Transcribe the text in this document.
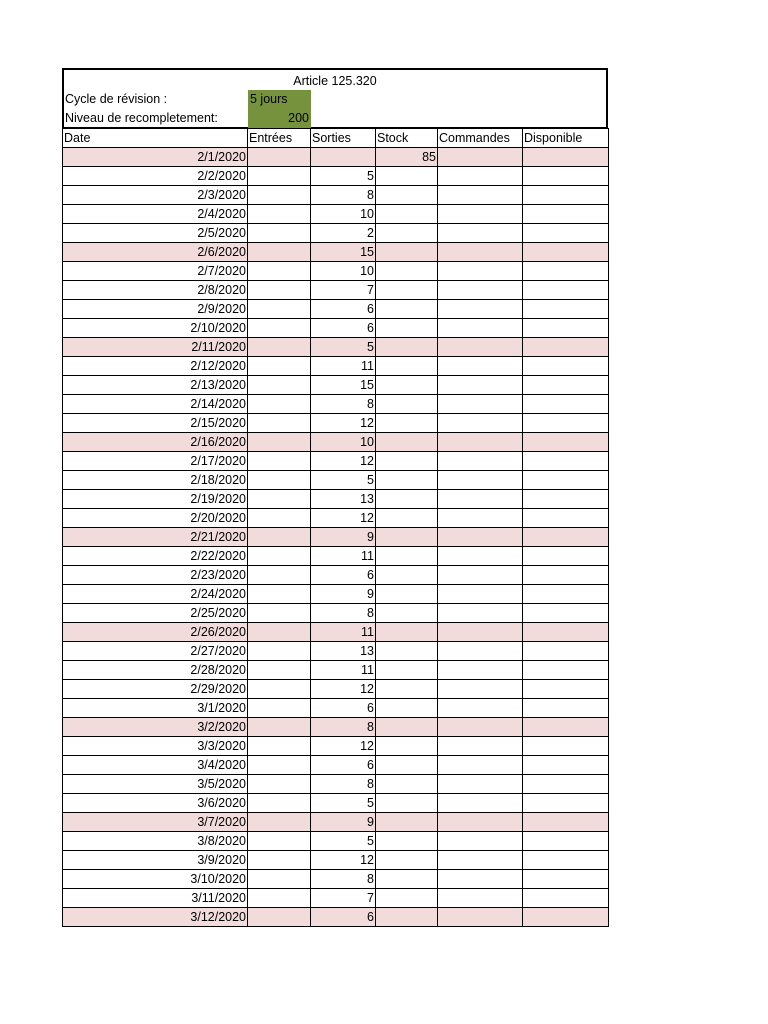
Article 125.320
Cycle de révision :	5 jours
Niveau de recompletement:	200
Date	Entrées	Sorties	Stock	Commandes	Disponible
2/1/2020			85		
2/2/2020		5			
2/3/2020		8			
2/4/2020		10			
2/5/2020		2			
2/6/2020		15			
2/7/2020		10			
2/8/2020		7			
2/9/2020		6			
2/10/2020		6			
2/11/2020		5			
2/12/2020		11			
2/13/2020		15			
2/14/2020		8			
2/15/2020		12			
2/16/2020		10			
2/17/2020		12			
2/18/2020		5			
2/19/2020		13			
2/20/2020		12			
2/21/2020		9			
2/22/2020		11			
2/23/2020		6			
2/24/2020		9			
2/25/2020		8			
2/26/2020		11			
2/27/2020		13			
2/28/2020		11			
2/29/2020		12			
3/1/2020		6			
3/2/2020		8			
3/3/2020		12			
3/4/2020		6			
3/5/2020		8			
3/6/2020		5			
3/7/2020		9			
3/8/2020		5			
3/9/2020		12			
3/10/2020		8			
3/11/2020		7			
3/12/2020		6			
